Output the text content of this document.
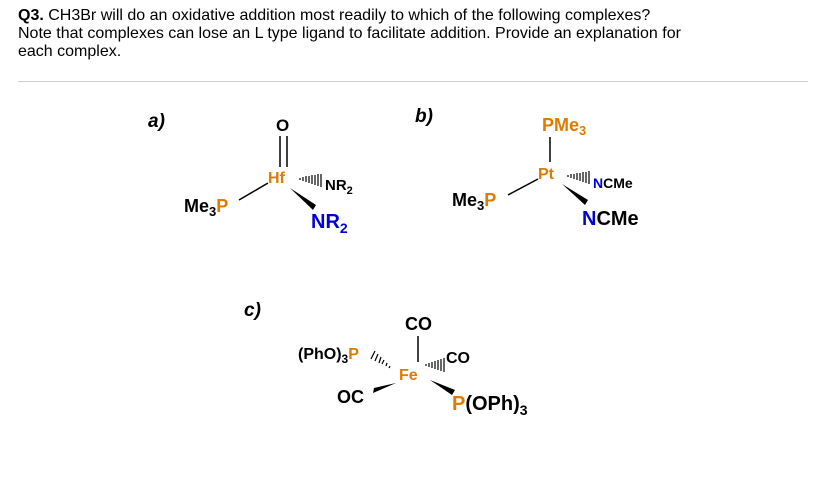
Q3. CH3Br will do an oxidative addition most readily to which of the following complexes?
Note that complexes can lose an L type ligand to facilitate addition. Provide an explanation for
each complex.
a)	O
Hf
$Me_3P$
$NR_2$
$NR_2$
b)	PMe$_3$
Pt
$Me_3P$
NCMe
NCMe
c)
CO
Fe
$(PhO)_3P$	CO
OC	$P(OPh)_3$
